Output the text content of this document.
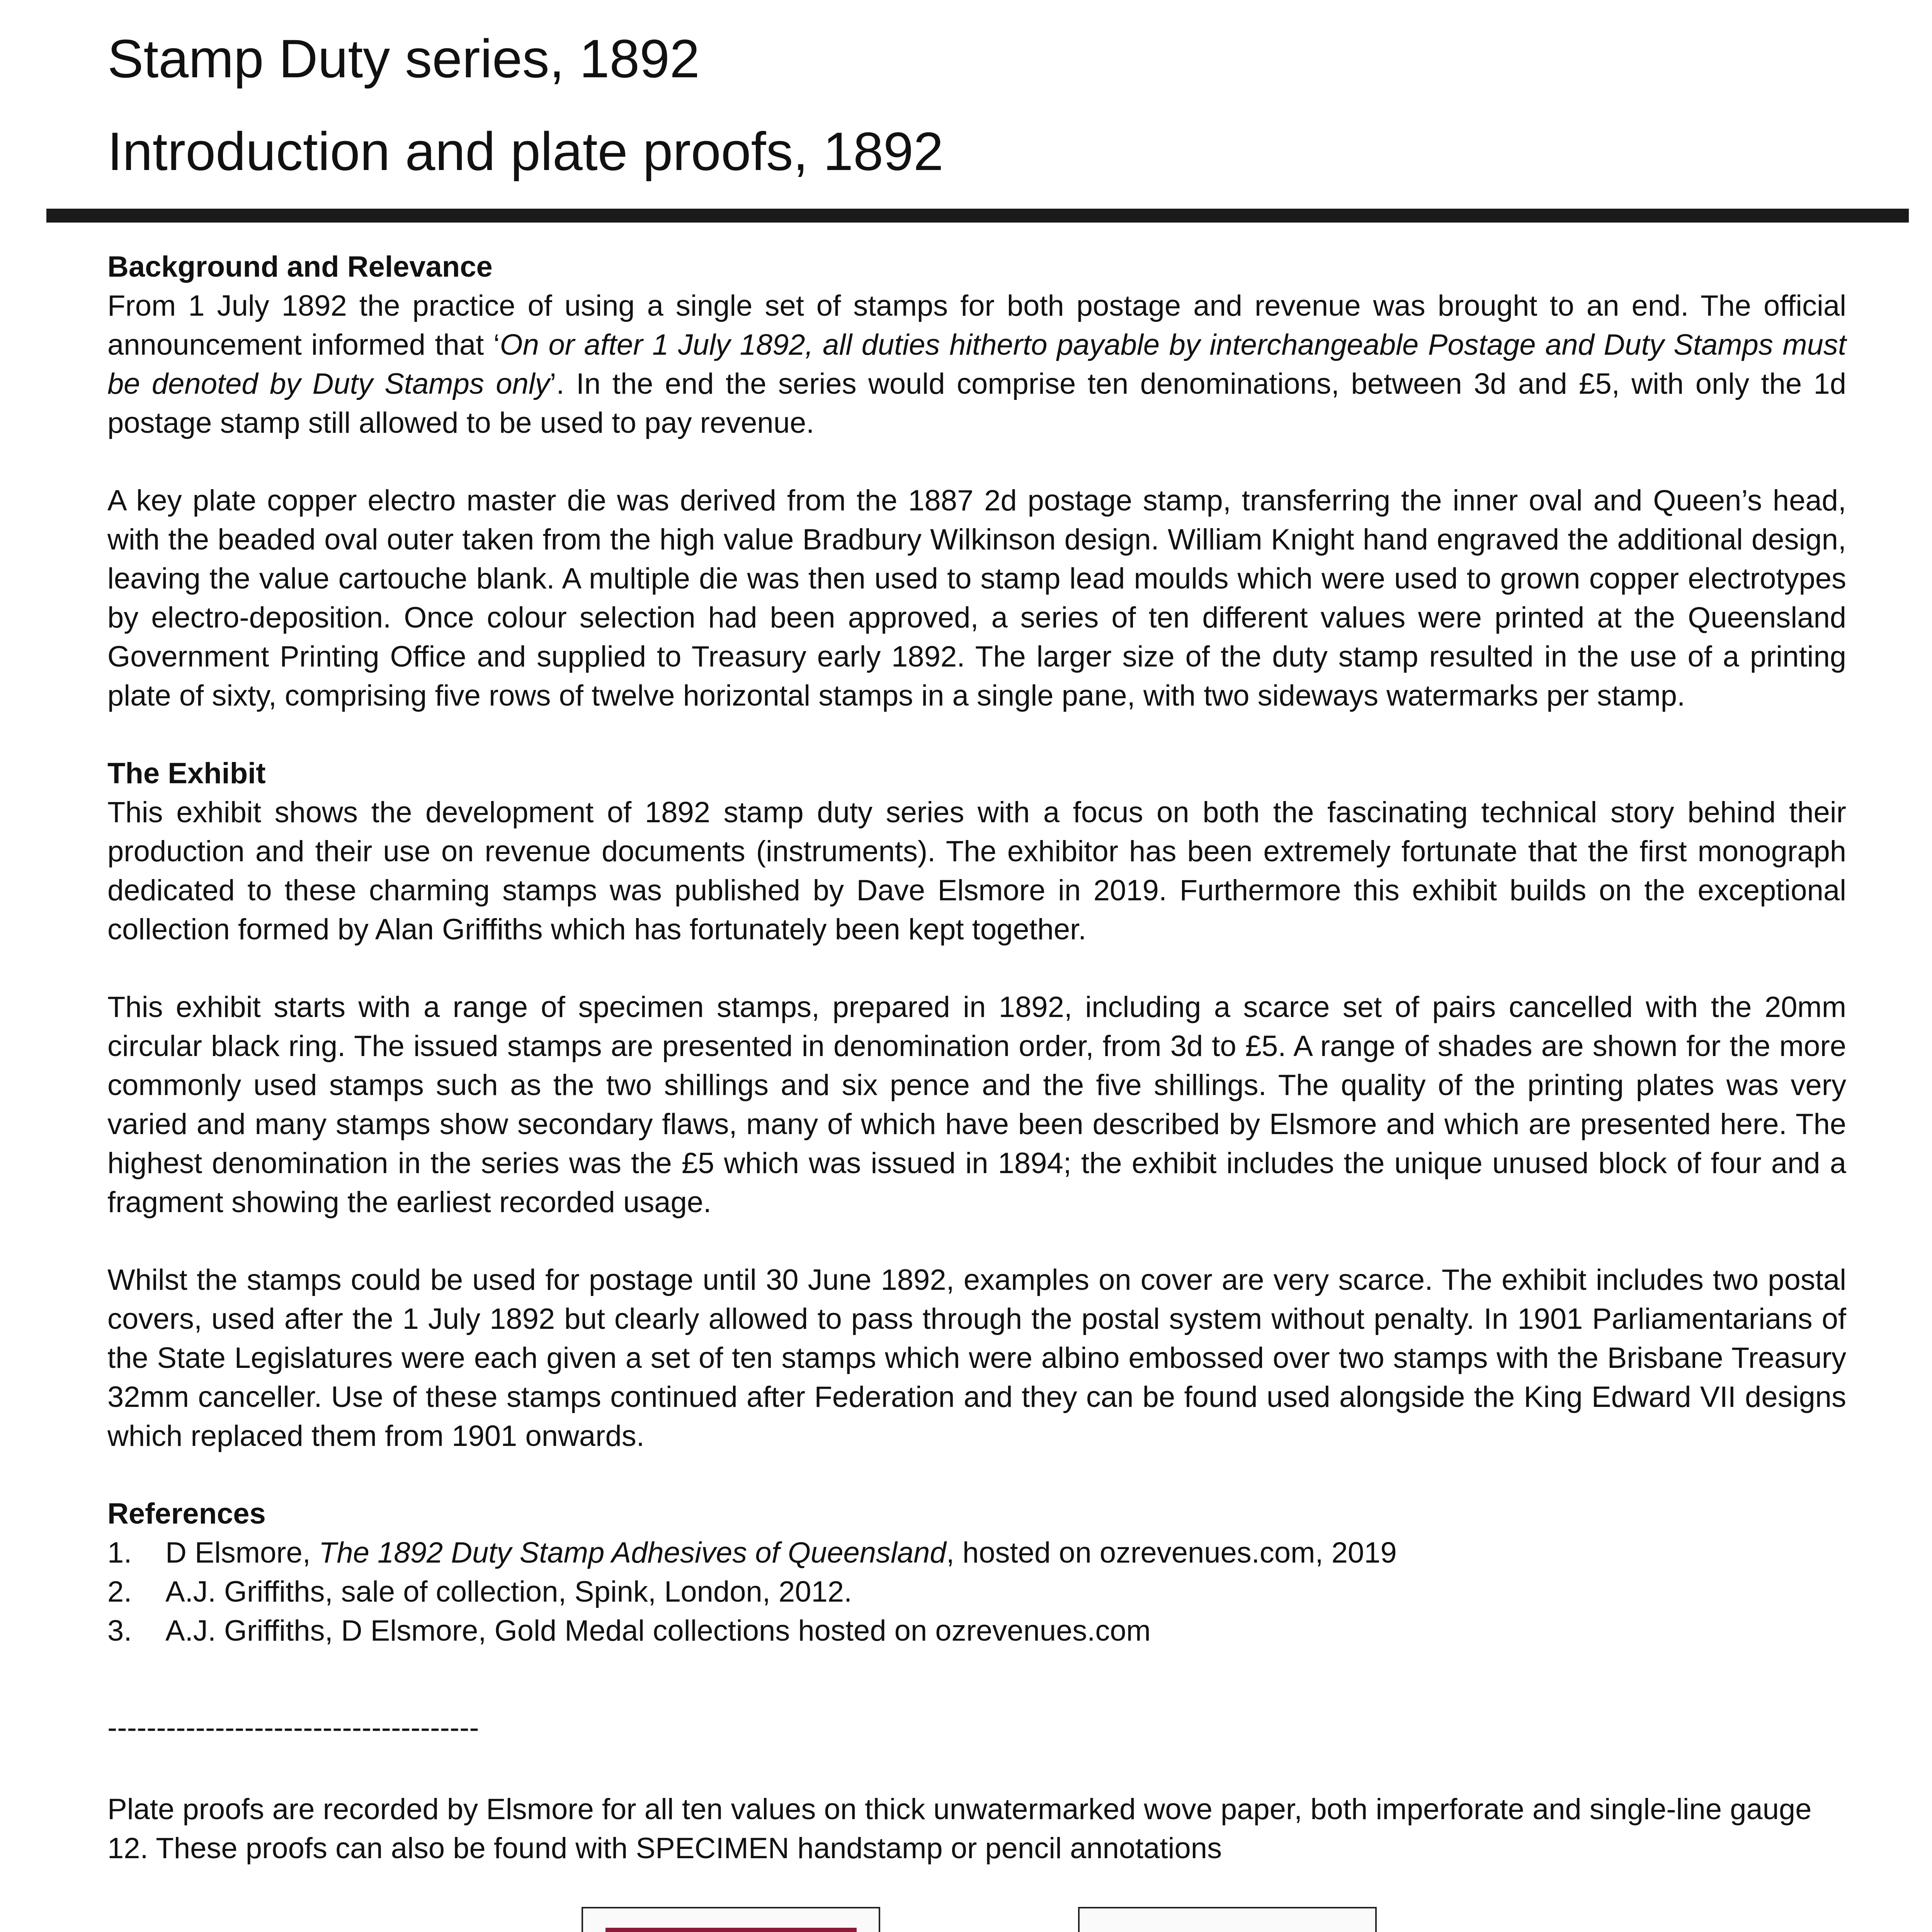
Stamp Duty series, 1892
Introduction and plate proofs, 1892
Background and Relevance

From 1 July 1892 the practice of using a single set of stamps for both postage and revenue was brought to an end. The official announcement informed that ‘On or after 1 July 1892, all duties hitherto payable by interchangeable Postage and Duty Stamps must be denoted by Duty Stamps only’. In the end the series would comprise ten denominations, between 3d and £5, with only the 1d postage stamp still allowed to be used to pay revenue.

A key plate copper electro master die was derived from the 1887 2d postage stamp, transferring the inner oval and Queen’s head, with the beaded oval outer taken from the high value Bradbury Wilkinson design. William Knight hand engraved the additional design, leaving the value cartouche blank. A multiple die was then used to stamp lead moulds which were used to grown copper electrotypes by electro-deposition. Once colour selection had been approved, a series of ten different values were printed at the Queensland Government Printing Office and supplied to Treasury early 1892. The larger size of the duty stamp resulted in the use of a printing plate of sixty, comprising five rows of twelve horizontal stamps in a single pane, with two sideways watermarks per stamp.

The Exhibit

This exhibit shows the development of 1892 stamp duty series with a focus on both the fascinating technical story behind their production and their use on revenue documents (instruments). The exhibitor has been extremely fortunate that the first monograph dedicated to these charming stamps was published by Dave Elsmore in 2019. Furthermore this exhibit builds on the exceptional collection formed by Alan Griffiths which has fortunately been kept together.

This exhibit starts with a range of specimen stamps, prepared in 1892, including a scarce set of pairs cancelled with the 20mm circular black ring. The issued stamps are presented in denomination order, from 3d to £5. A range of shades are shown for the more commonly used stamps such as the two shillings and six pence and the five shillings. The quality of the printing plates was very varied and many stamps show secondary flaws, many of which have been described by Elsmore and which are presented here. The highest denomination in the series was the £5 which was issued in 1894; the exhibit includes the unique unused block of four and a fragment showing the earliest recorded usage.

Whilst the stamps could be used for postage until 30 June 1892, examples on cover are very scarce. The exhibit includes two postal covers, used after the 1 July 1892 but clearly allowed to pass through the postal system without penalty. In 1901 Parliamentarians of the State Legislatures were each given a set of ten stamps which were albino embossed over two stamps with the Brisbane Treasury 32mm canceller. Use of these stamps continued after Federation and they can be found used alongside the King Edward VII designs which replaced them from 1901 onwards.

References
1. D Elsmore, The 1892 Duty Stamp Adhesives of Queensland, hosted on ozrevenues.com, 2019
2. A.J. Griffiths, sale of collection, Spink, London, 2012.
3. A.J. Griffiths, D Elsmore, Gold Medal collections hosted on ozrevenues.com

--------------------------------------

Plate proofs are recorded by Elsmore for all ten values on thick unwatermarked wove paper, both imperforate and single-line gauge 12. These proofs can also be found with SPECIMEN handstamp or pencil annotations
